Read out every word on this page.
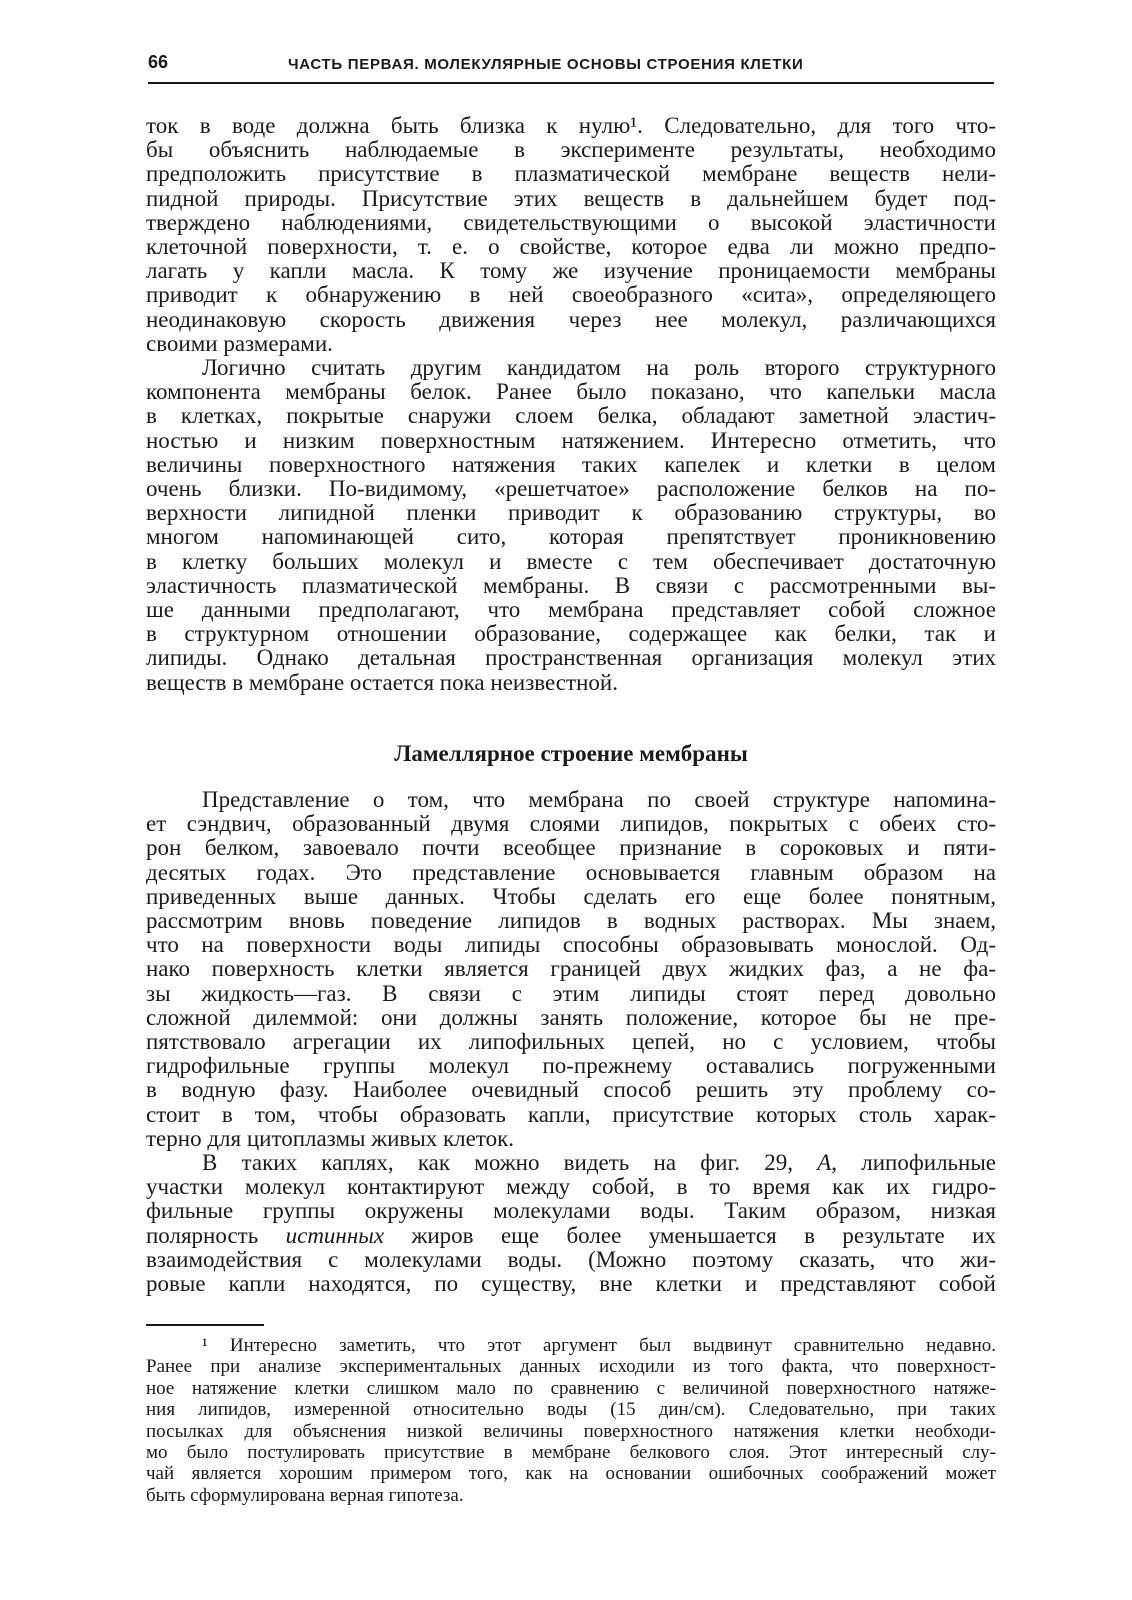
66	ЧАСТЬ ПЕРВАЯ. МОЛЕКУЛЯРНЫЕ ОСНОВЫ СТРОЕНИЯ КЛЕТКИ
ток в воде должна быть близка к нулю¹. Следовательно, для того что-
бы объяснить наблюдаемые в эксперименте результаты, необходимо
предположить присутствие в плазматической мембране веществ нели-
пидной природы. Присутствие этих веществ в дальнейшем будет под-
тверждено наблюдениями, свидетельствующими о высокой эластичности
клеточной поверхности, т. е. о свойстве, которое едва ли можно предпо-
лагать у капли масла. К тому же изучение проницаемости мембраны
приводит к обнаружению в ней своеобразного «сита», определяющего
неодинаковую скорость движения через нее молекул, различающихся
своими размерами.
Логично считать другим кандидатом на роль второго структурного
компонента мембраны белок. Ранее было показано, что капельки масла
в клетках, покрытые снаружи слоем белка, обладают заметной эластич-
ностью и низким поверхностным натяжением. Интересно отметить, что
величины поверхностного натяжения таких капелек и клетки в целом
очень близки. По-видимому, «решетчатое» расположение белков на по-
верхности липидной пленки приводит к образованию структуры, во
многом напоминающей сито, которая препятствует проникновению
в клетку больших молекул и вместе с тем обеспечивает достаточную
эластичность плазматической мембраны. В связи с рассмотренными вы-
ше данными предполагают, что мембрана представляет собой сложное
в структурном отношении образование, содержащее как белки, так и
липиды. Однако детальная пространственная организация молекул этих
веществ в мембране остается пока неизвестной.
Ламеллярное строение мембраны
Представление о том, что мембрана по своей структуре напомина-
ет сэндвич, образованный двумя слоями липидов, покрытых с обеих сто-
рон белком, завоевало почти всеобщее признание в сороковых и пяти-
десятых годах. Это представление основывается главным образом на
приведенных выше данных. Чтобы сделать его еще более понятным,
рассмотрим вновь поведение липидов в водных растворах. Мы знаем,
что на поверхности воды липиды способны образовывать монослой. Од-
нако поверхность клетки является границей двух жидких фаз, а не фа-
зы жидкость—газ. В связи с этим липиды стоят перед довольно
сложной дилеммой: они должны занять положение, которое бы не пре-
пятствовало агрегации их липофильных цепей, но с условием, чтобы
гидрофильные группы молекул по-прежнему оставались погруженными
в водную фазу. Наиболее очевидный способ решить эту проблему со-
стоит в том, чтобы образовать капли, присутствие которых столь харак-
терно для цитоплазмы живых клеток.
В таких каплях, как можно видеть на фиг. 29, А, липофильные
участки молекул контактируют между собой, в то время как их гидро-
фильные группы окружены молекулами воды. Таким образом, низкая
полярность истинных жиров еще более уменьшается в результате их
взаимодействия с молекулами воды. (Можно поэтому сказать, что жи-
ровые капли находятся, по существу, вне клетки и представляют собой
¹ Интересно заметить, что этот аргумент был выдвинут сравнительно недавно.
Ранее при анализе экспериментальных данных исходили из того факта, что поверхност-
ное натяжение клетки слишком мало по сравнению с величиной поверхностного натяже-
ния липидов, измеренной относительно воды (15 дин/см). Следовательно, при таких
посылках для объяснения низкой величины поверхностного натяжения клетки необходи-
мо было постулировать присутствие в мембране белкового слоя. Этот интересный слу-
чай является хорошим примером того, как на основании ошибочных соображений может
быть сформулирована верная гипотеза.
